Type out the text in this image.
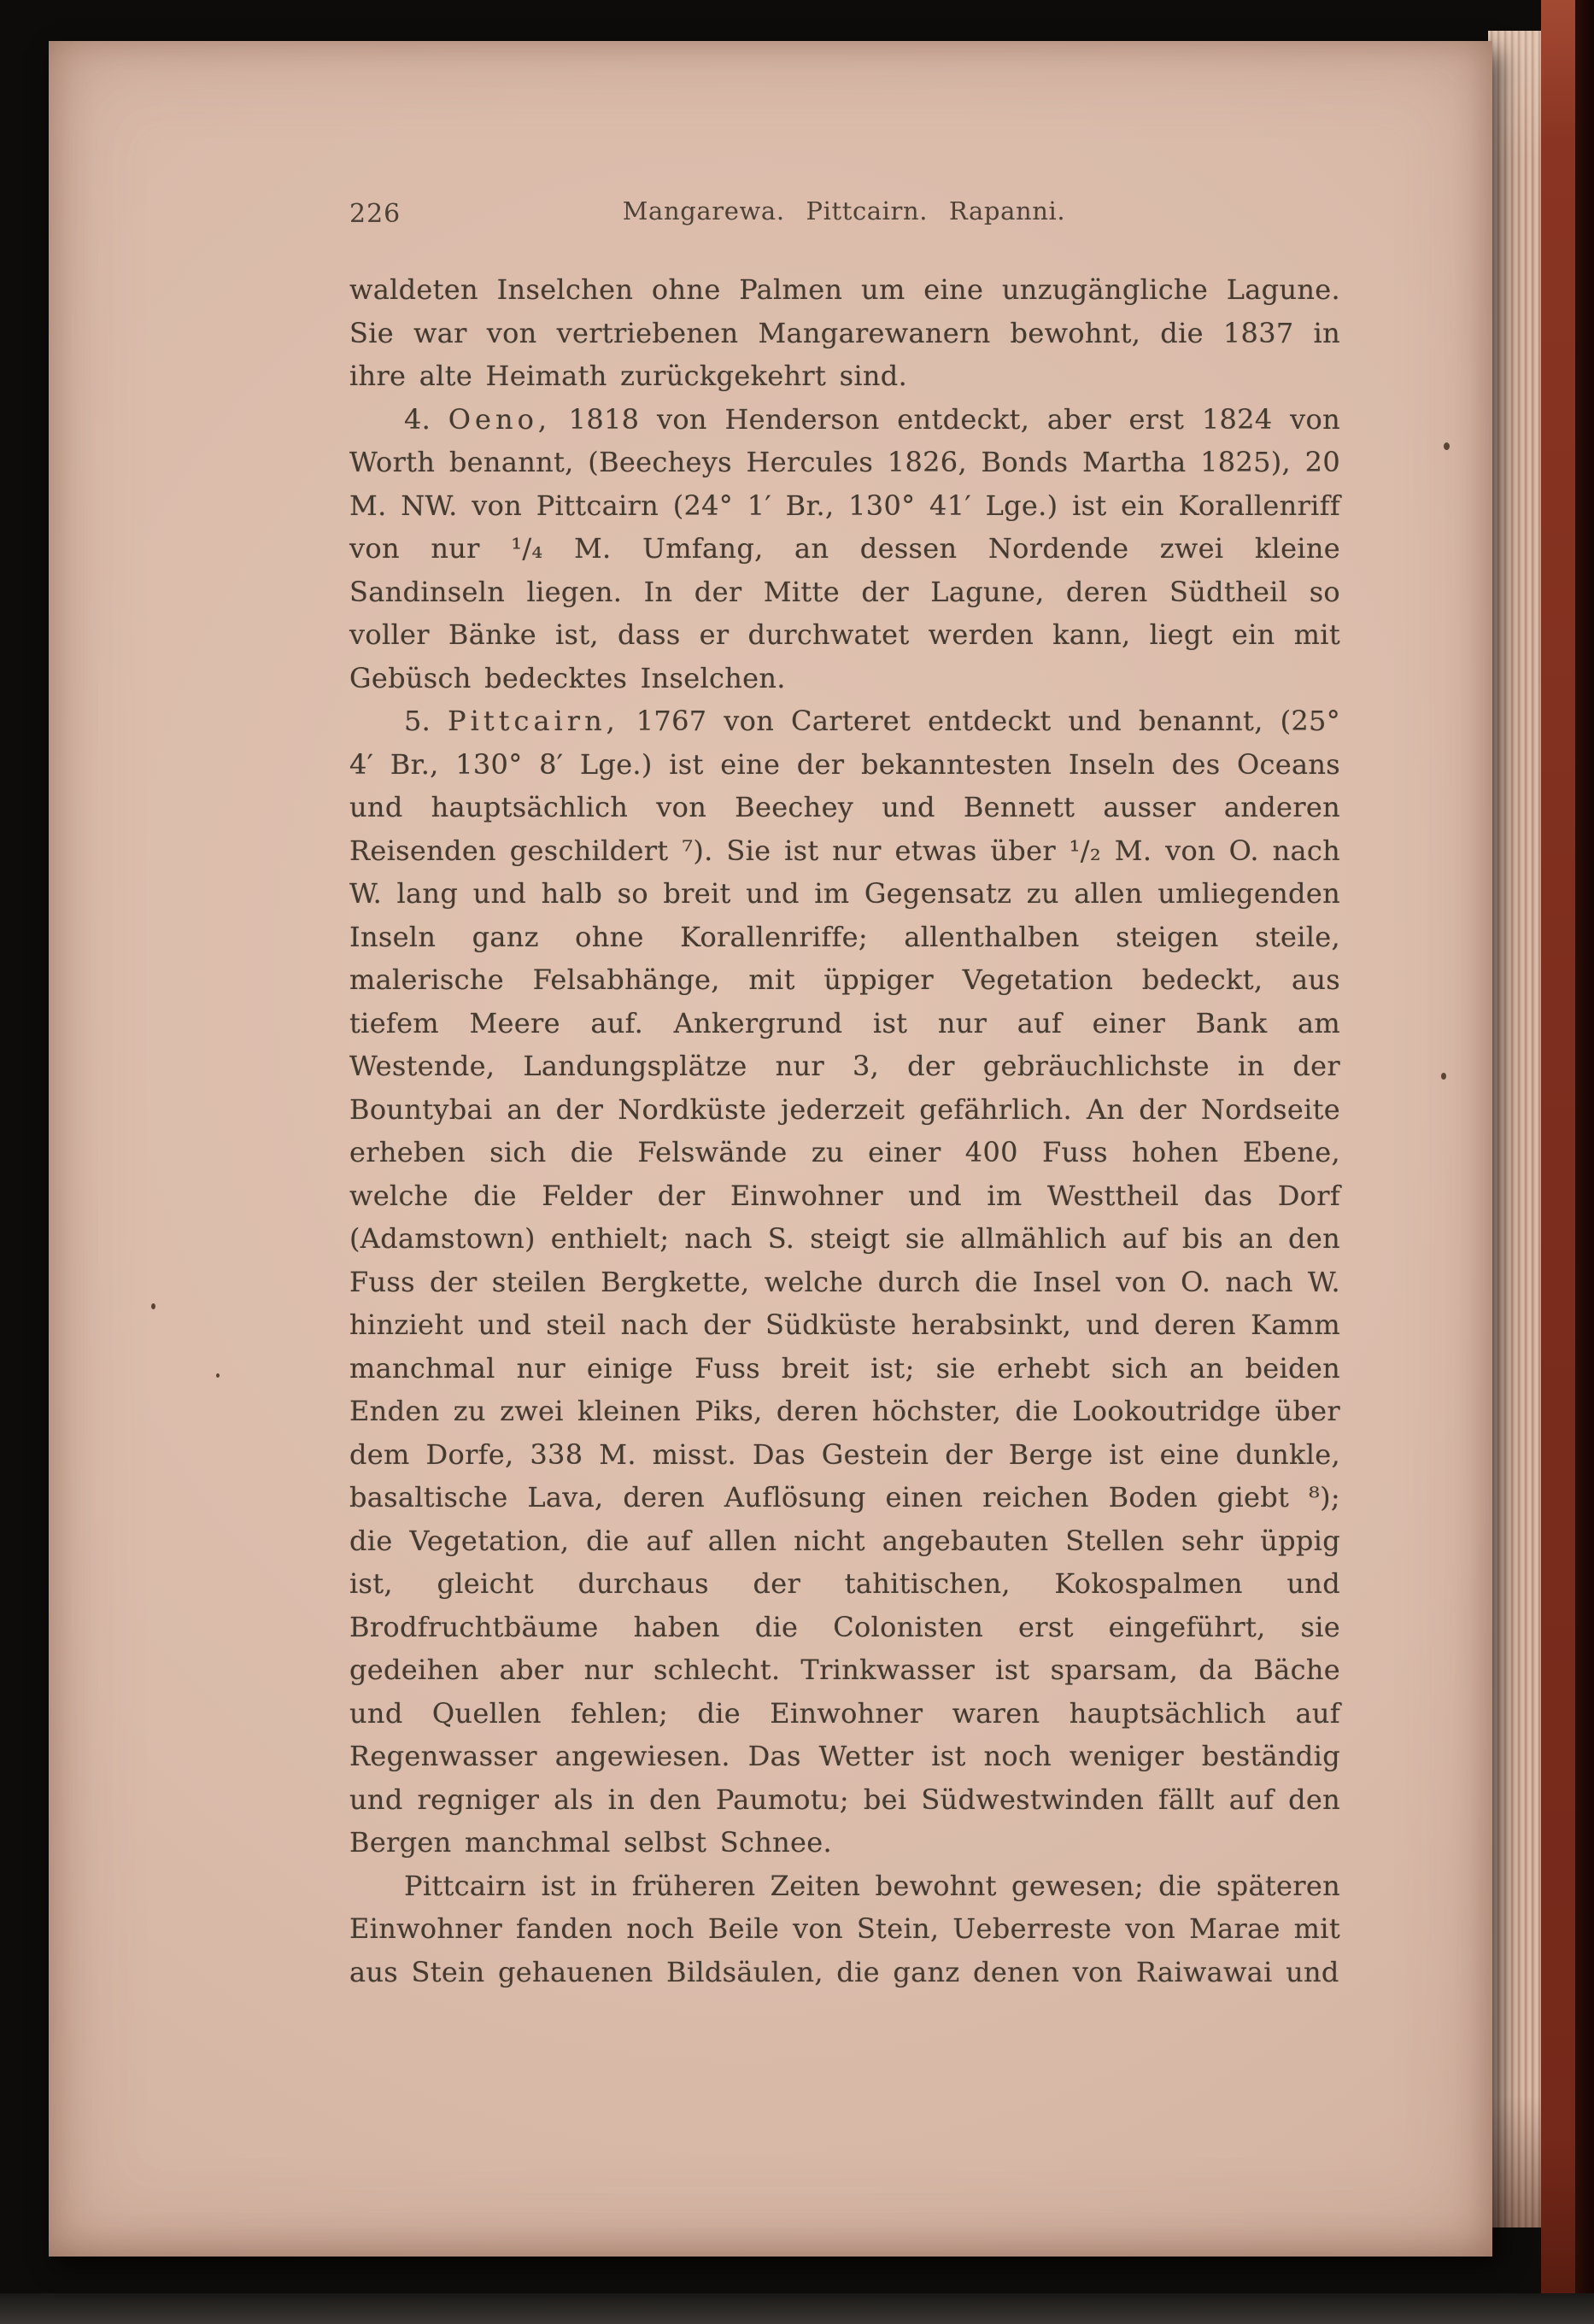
226	Mangarewa. Pittcairn. Rapanni.

waldeten Inselchen ohne Palmen um eine unzugängliche Lagune. Sie war von vertriebenen Mangarewanern bewohnt, die 1837 in ihre alte Heimath zurückgekehrt sind.

4. Oeno, 1818 von Henderson entdeckt, aber erst 1824 von Worth benannt, (Beecheys Hercules 1826, Bonds Martha 1825), 20 M. NW. von Pittcairn (24° 1′ Br., 130° 41′ Lge.) ist ein Korallenriff von nur ¹/₄ M. Umfang, an dessen Nordende zwei kleine Sandinseln liegen. In der Mitte der Lagune, deren Südtheil so voller Bänke ist, dass er durchwatet werden kann, liegt ein mit Gebüsch bedecktes Inselchen.

5. Pittcairn, 1767 von Carteret entdeckt und benannt, (25° 4′ Br., 130° 8′ Lge.) ist eine der bekanntesten Inseln des Oceans und hauptsächlich von Beechey und Bennett ausser anderen Reisenden geschildert ⁷). Sie ist nur etwas über ¹/₂ M. von O. nach W. lang und halb so breit und im Gegensatz zu allen umliegenden Inseln ganz ohne Korallenriffe; allenthalben steigen steile, malerische Felsabhänge, mit üppiger Vegetation bedeckt, aus tiefem Meere auf. Ankergrund ist nur auf einer Bank am Westende, Landungsplätze nur 3, der gebräuchlichste in der Bountybai an der Nordküste jederzeit gefährlich. An der Nordseite erheben sich die Felswände zu einer 400 Fuss hohen Ebene, welche die Felder der Einwohner und im Westtheil das Dorf (Adamstown) enthielt; nach S. steigt sie allmählich auf bis an den Fuss der steilen Bergkette, welche durch die Insel von O. nach W. hinzieht und steil nach der Südküste herabsinkt, und deren Kamm manchmal nur einige Fuss breit ist; sie erhebt sich an beiden Enden zu zwei kleinen Piks, deren höchster, die Lookoutridge über dem Dorfe, 338 M. misst. Das Gestein der Berge ist eine dunkle, basaltische Lava, deren Auflösung einen reichen Boden giebt ⁸); die Vegetation, die auf allen nicht angebauten Stellen sehr üppig ist, gleicht durchaus der tahitischen, Kokospalmen und Brodfruchtbäume haben die Colonisten erst eingeführt, sie gedeihen aber nur schlecht. Trinkwasser ist sparsam, da Bäche und Quellen fehlen; die Einwohner waren hauptsächlich auf Regenwasser angewiesen. Das Wetter ist noch weniger beständig und regniger als in den Paumotu; bei Südwestwinden fällt auf den Bergen manchmal selbst Schnee.

Pittcairn ist in früheren Zeiten bewohnt gewesen; die späteren Einwohner fanden noch Beile von Stein, Ueberreste von Marae mit aus Stein gehauenen Bildsäulen, die ganz denen von Raiwawai und
